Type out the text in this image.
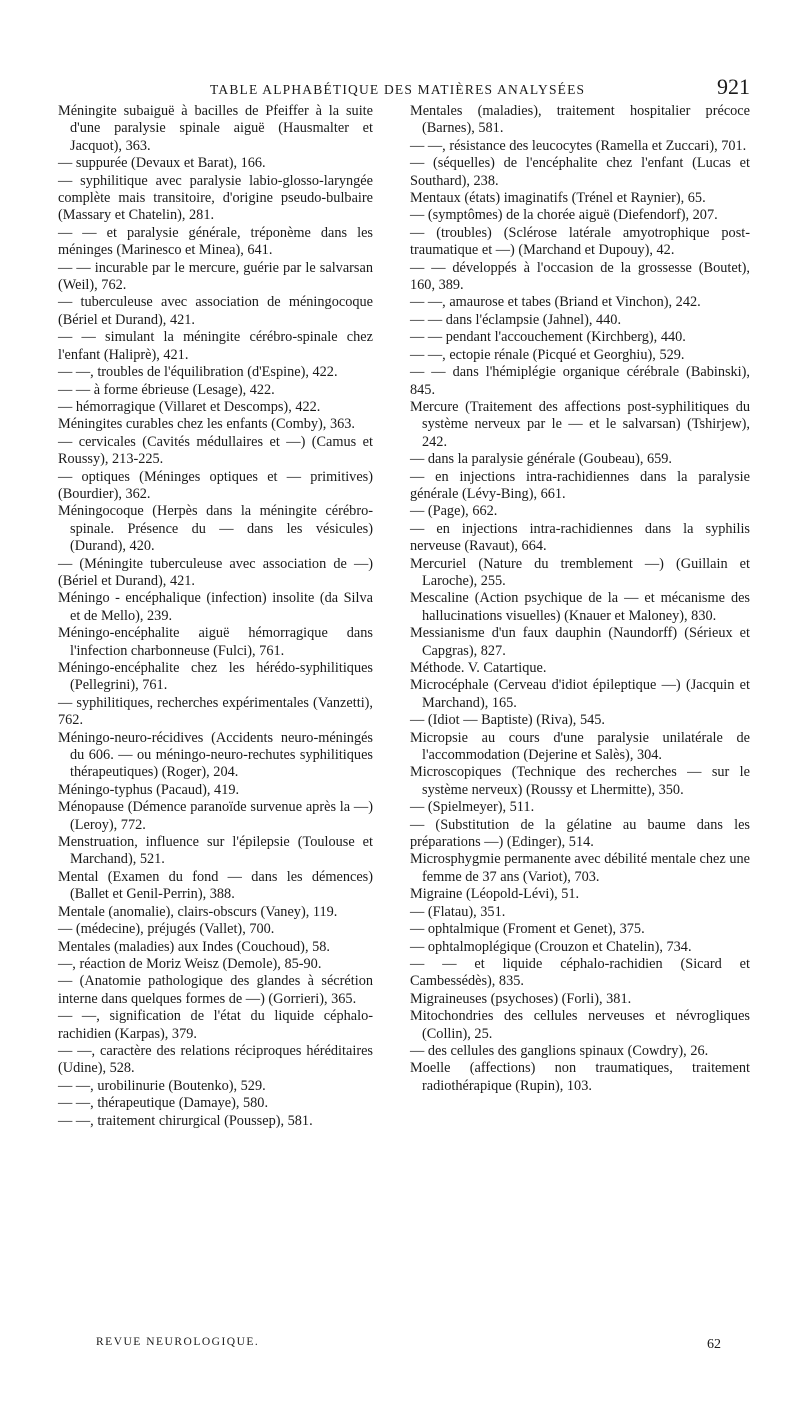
TABLE ALPHABÉTIQUE DES MATIÈRES ANALYSÉES	921

Méningite subaiguë à bacilles de Pfeiffer à la suite d'une paralysie spinale aiguë (Hausmalter et Jacquot), 363.

— suppurée (Devaux et Barat), 166.

— syphilitique avec paralysie labio-glosso-laryngée complète mais transitoire, d'origine pseudo-bulbaire (Massary et Chatelin), 281.

— — et paralysie générale, tréponème dans les méninges (Marinesco et Minea), 641.

— — incurable par le mercure, guérie par le salvarsan (Weil), 762.

— tuberculeuse avec association de méningocoque (Bériel et Durand), 421.

— — simulant la méningite cérébro-spinale chez l'enfant (Haliprè), 421.

— —, troubles de l'équilibration (d'Espine), 422.

— — à forme ébrieuse (Lesage), 422.

— hémorragique (Villaret et Descomps), 422.

Méningites curables chez les enfants (Comby), 363.

— cervicales (Cavités médullaires et —) (Camus et Roussy), 213-225.

— optiques (Méninges optiques et — primitives) (Bourdier), 362.

Méningocoque (Herpès dans la méningite cérébro-spinale. Présence du — dans les vésicules) (Durand), 420.

— (Méningite tuberculeuse avec association de —) (Bériel et Durand), 421.

Méningo - encéphalique (infection) insolite (da Silva et de Mello), 239.

Méningo-encéphalite aiguë hémorragique dans l'infection charbonneuse (Fulci), 761.

Méningo-encéphalite chez les hérédo-syphilitiques (Pellegrini), 761.

— syphilitiques, recherches expérimentales (Vanzetti), 762.

Méningo-neuro-récidives (Accidents neuro-méningés du 606. — ou méningo-neuro-rechutes syphilitiques thérapeutiques) (Roger), 204.

Méningo-typhus (Pacaud), 419.

Ménopause (Démence paranoïde survenue après la —) (Leroy), 772.

Menstruation, influence sur l'épilepsie (Toulouse et Marchand), 521.

Mental (Examen du fond — dans les démences) (Ballet et Genil-Perrin), 388.

Mentale (anomalie), clairs-obscurs (Vaney), 119.

— (médecine), préjugés (Vallet), 700.

Mentales (maladies) aux Indes (Couchoud), 58.

—, réaction de Moriz Weisz (Demole), 85-90.

— (Anatomie pathologique des glandes à sécrétion interne dans quelques formes de —) (Gorrieri), 365.

— —, signification de l'état du liquide céphalo-rachidien (Karpas), 379.

— —, caractère des relations réciproques héréditaires (Udine), 528.

— —, urobilinurie (Boutenko), 529.

— —, thérapeutique (Damaye), 580.

— —, traitement chirurgical (Poussep), 581.

Mentales (maladies), traitement hospitalier précoce (Barnes), 581.

— —, résistance des leucocytes (Ramella et Zuccari), 701.

— (séquelles) de l'encéphalite chez l'enfant (Lucas et Southard), 238.

Mentaux (états) imaginatifs (Trénel et Raynier), 65.

— (symptômes) de la chorée aiguë (Diefendorf), 207.

— (troubles) (Sclérose latérale amyotrophique post-traumatique et —) (Marchand et Dupouy), 42.

— — développés à l'occasion de la grossesse (Boutet), 160, 389.

— —, amaurose et tabes (Briand et Vinchon), 242.

— — dans l'éclampsie (Jahnel), 440.

— — pendant l'accouchement (Kirchberg), 440.

— —, ectopie rénale (Picqué et Georghiu), 529.

— — dans l'hémiplégie organique cérébrale (Babinski), 845.

Mercure (Traitement des affections post-syphilitiques du système nerveux par le — et le salvarsan) (Tshirjew), 242.

— dans la paralysie générale (Goubeau), 659.

— en injections intra-rachidiennes dans la paralysie générale (Lévy-Bing), 661.

— (Page), 662.

— en injections intra-rachidiennes dans la syphilis nerveuse (Ravaut), 664.

Mercuriel (Nature du tremblement —) (Guillain et Laroche), 255.

Mescaline (Action psychique de la — et mécanisme des hallucinations visuelles) (Knauer et Maloney), 830.

Messianisme d'un faux dauphin (Naundorff) (Sérieux et Capgras), 827.

Méthode. V. Catartique.

Microcéphale (Cerveau d'idiot épileptique —) (Jacquin et Marchand), 165.

— (Idiot — Baptiste) (Riva), 545.

Micropsie au cours d'une paralysie unilatérale de l'accommodation (Dejerine et Salès), 304.

Microscopiques (Technique des recherches — sur le système nerveux) (Roussy et Lhermitte), 350.

— (Spielmeyer), 511.

— (Substitution de la gélatine au baume dans les préparations —) (Edinger), 514.

Microsphygmie permanente avec débilité mentale chez une femme de 37 ans (Variot), 703.

Migraine (Léopold-Lévi), 51.

— (Flatau), 351.

— ophtalmique (Froment et Genet), 375.

— ophtalmoplégique (Crouzon et Chatelin), 734.

— — et liquide céphalo-rachidien (Sicard et Cambessédès), 835.

Migraineuses (psychoses) (Forli), 381.

Mitochondries des cellules nerveuses et névrogliques (Collin), 25.

— des cellules des ganglions spinaux (Cowdry), 26.

Moelle (affections) non traumatiques, traitement radiothérapique (Rupin), 103.

REVUE NEUROLOGIQUE.	62
